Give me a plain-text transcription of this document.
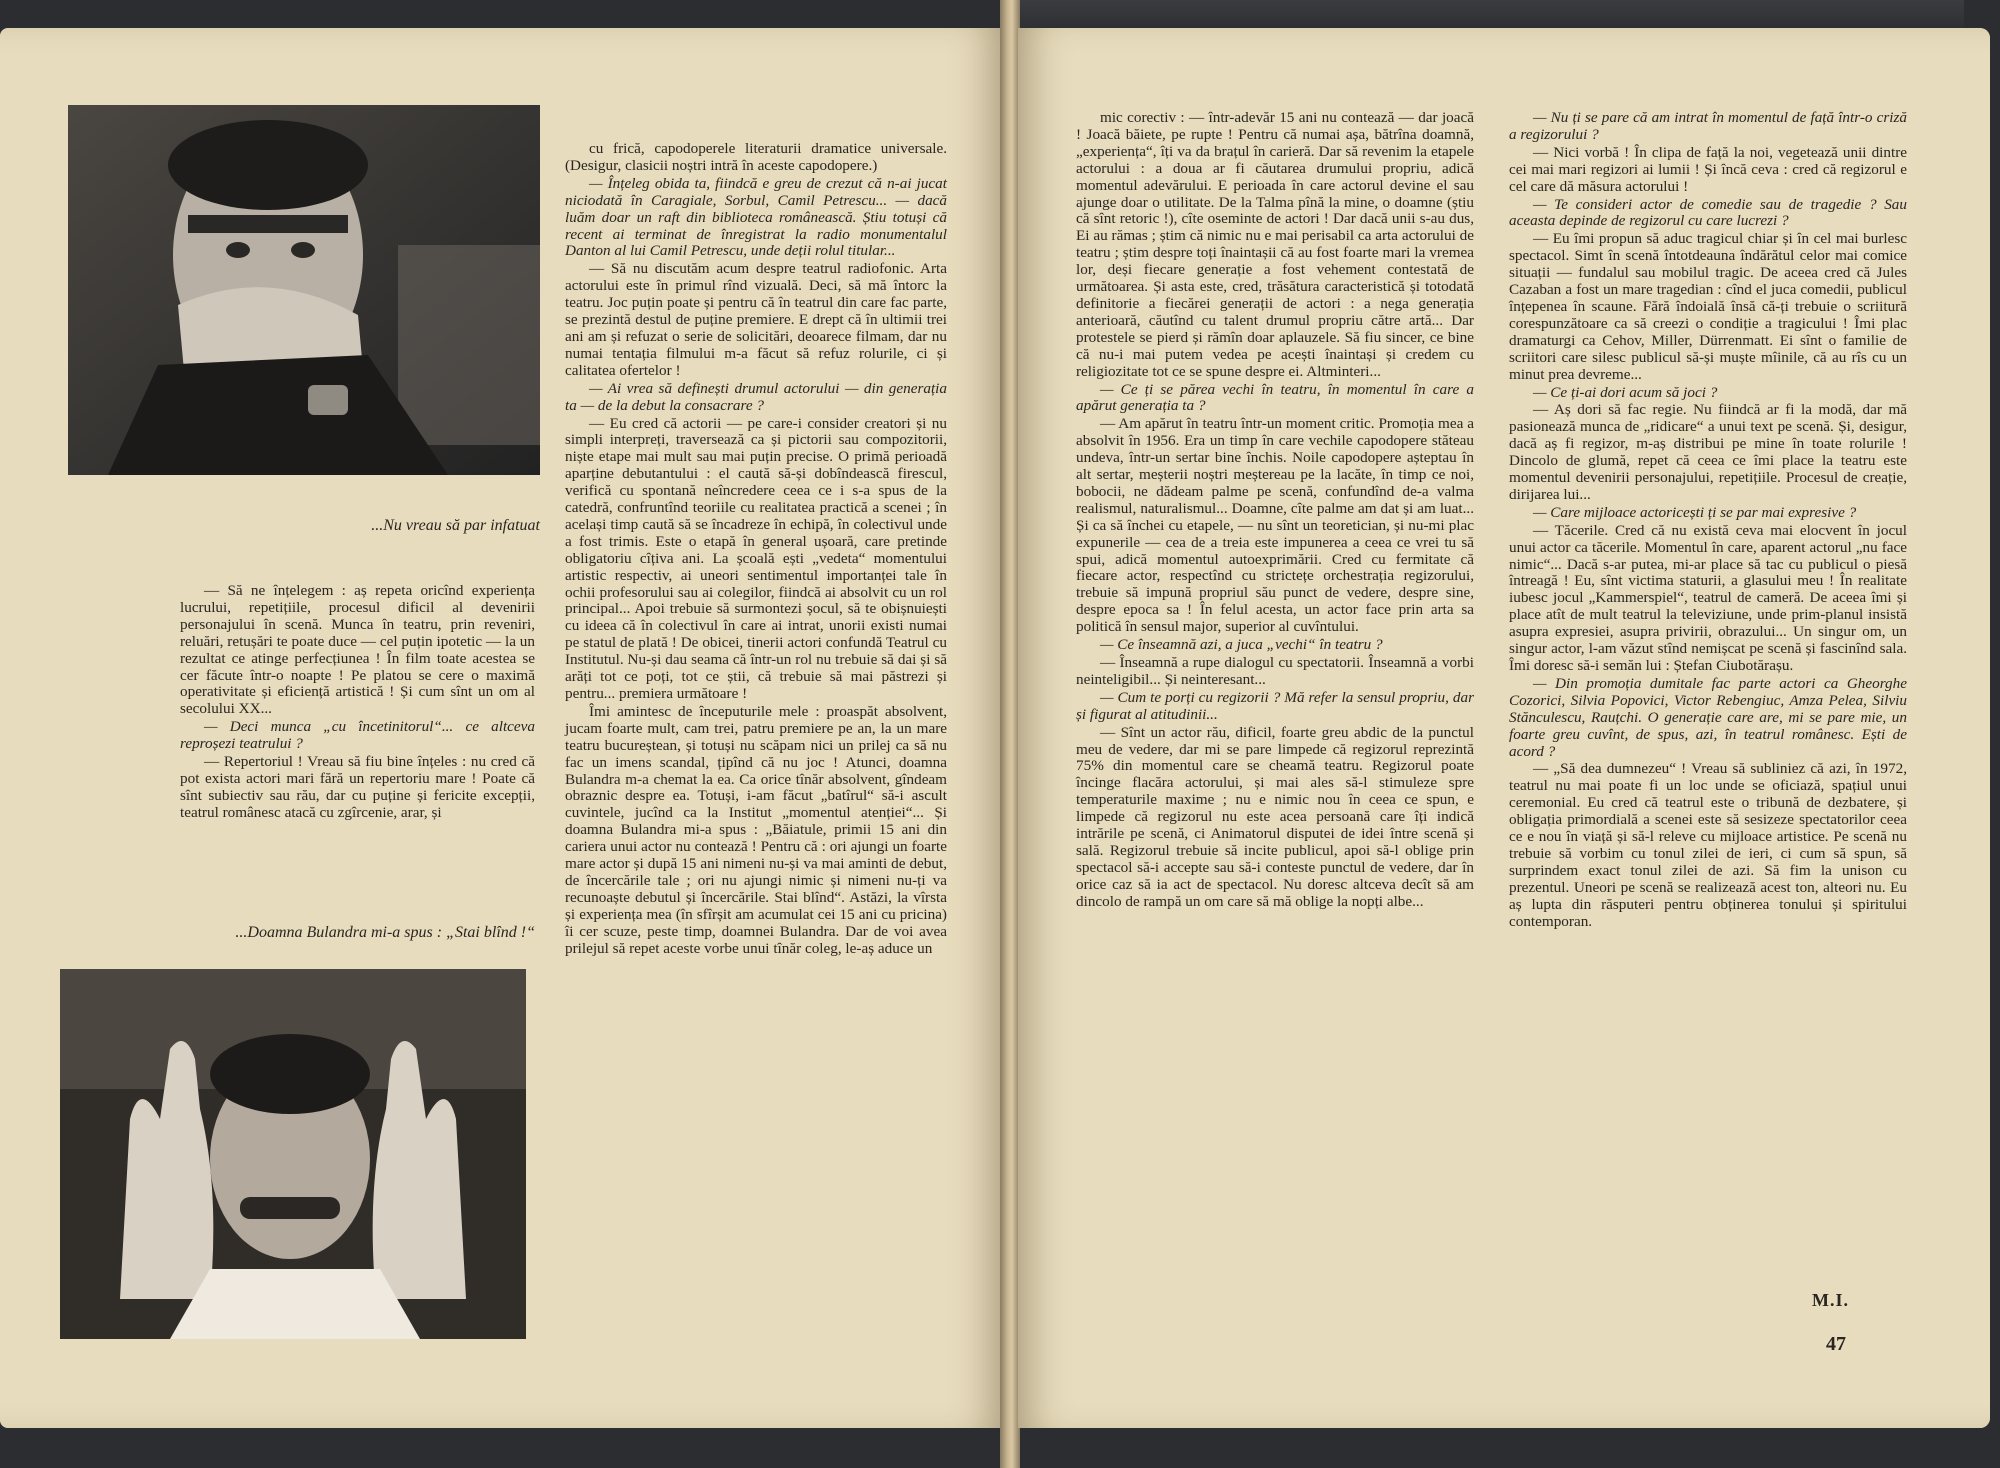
...Nu vreau să par infatuat

— Să ne înțelegem : aș repeta oricînd experiența lucrului, repetițiile, procesul dificil al devenirii personajului în scenă. Munca în teatru, prin reveniri, reluări, retușări te poate duce — cel puțin ipotetic — la un rezultat ce atinge perfecțiunea ! În film toate acestea se cer făcute într-o noapte ! Pe platou se cere o maximă operativitate și eficiență artistică ! Și cum sînt un om al secolului XX...

— Deci munca „cu încetinitorul“... ce altceva reproșezi teatrului ?

— Repertoriul ! Vreau să fiu bine înțeles : nu cred că pot exista actori mari fără un repertoriu mare ! Poate că sînt subiectiv sau rău, dar cu puține și fericite excepții, teatrul românesc atacă cu zgîrcenie, arar, și

...Doamna Bulandra mi-a spus : „Stai blînd !“

cu frică, capodoperele literaturii dramatice universale. (Desigur, clasicii noștri intră în aceste capodopere.)

— Înțeleg obida ta, fiindcă e greu de crezut că n-ai jucat niciodată în Caragiale, Sorbul, Camil Petrescu... — dacă luăm doar un raft din biblioteca românească. Știu totuși că recent ai terminat de înregistrat la radio monumentalul Danton al lui Camil Petrescu, unde deții rolul titular...

— Să nu discutăm acum despre teatrul radiofonic. Arta actorului este în primul rînd vizuală. Deci, să mă întorc la teatru. Joc puțin poate și pentru că în teatrul din care fac parte, se prezintă destul de puține premiere. E drept că în ultimii trei ani am și refuzat o serie de solicitări, deoarece filmam, dar nu numai tentația filmului m-a făcut să refuz rolurile, ci și calitatea ofertelor !

— Ai vrea să definești drumul actorului — din generația ta — de la debut la consacrare ?

— Eu cred că actorii — pe care-i consider creatori și nu simpli interpreți, traversează ca și pictorii sau compozitorii, niște etape mai mult sau mai puțin precise. O primă perioadă aparține debutantului : el caută să-și dobîndească firescul, verifică cu spontană neîncredere ceea ce i s-a spus de la catedră, confruntînd teoriile cu realitatea practică a scenei ; în același timp caută să se încadreze în echipă, în colectivul unde a fost trimis. Este o etapă în general ușoară, care pretinde obligatoriu cîțiva ani. La școală ești „vedeta“ momentului artistic respectiv, ai uneori sentimentul importanței tale în ochii profesorului sau ai colegilor, fiindcă ai absolvit cu un rol principal... Apoi trebuie să surmontezi șocul, să te obișnuiești cu ideea că în colectivul în care ai intrat, unorii existi numai pe statul de plată ! De obicei, tinerii actori confundă Teatrul cu Institutul. Nu-și dau seama că într-un rol nu trebuie să dai și să arăți tot ce poți, tot ce știi, că trebuie să mai păstrezi și pentru... premiera următoare !

Îmi amintesc de începuturile mele : proaspăt absolvent, jucam foarte mult, cam trei, patru premiere pe an, la un mare teatru bucureștean, și totuși nu scăpam nici un prilej ca să nu fac un imens scandal, țipînd că nu joc ! Atunci, doamna Bulandra m-a chemat la ea. Ca orice tînăr absolvent, gîndeam obraznic despre ea. Totuși, i-am făcut „batîrul“ să-i ascult cuvintele, jucînd ca la Institut „momentul atenției“... Și doamna Bulandra mi-a spus : „Băiatule, primii 15 ani din cariera unui actor nu contează ! Pentru că : ori ajungi un foarte mare actor și după 15 ani nimeni nu-și va mai aminti de debut, de încercările tale ; ori nu ajungi nimic și nimeni nu-ți va recunoaște debutul și încercările. Stai blînd“. Astăzi, la vîrsta și experiența mea (în sfîrșit am acumulat cei 15 ani cu pricina) îi cer scuze, peste timp, doamnei Bulandra. Dar de voi avea prilejul să repet aceste vorbe unui tînăr coleg, le-aș aduce un

mic corectiv : — într-adevăr 15 ani nu contează — dar joacă ! Joacă băiete, pe rupte ! Pentru că numai așa, bătrîna doamnă, „experiența“, îți va da brațul în carieră. Dar să revenim la etapele actorului : a doua ar fi căutarea drumului propriu, adică momentul adevărului. E perioada în care actorul devine el sau ajunge doar o utilitate. De la Talma pînă la mine, o doamne (știu că sînt retoric !), cîte oseminte de actori ! Dar dacă unii s-au dus, Ei au rămas ; știm că nimic nu e mai perisabil ca arta actorului de teatru ; știm despre toți înaintașii că au fost foarte mari la vremea lor, deși fiecare generație a fost vehement contestată de următoarea. Și asta este, cred, trăsătura caracteristică și totodată definitorie a fiecărei generații de actori : a nega generația anterioară, căutînd cu talent drumul propriu către artă... Dar protestele se pierd și rămîn doar aplauzele. Să fiu sincer, ce bine că nu-i mai putem vedea pe acești înaintași și credem cu religiozitate tot ce se spune despre ei. Altminteri...

— Ce ți se părea vechi în teatru, în momentul în care a apărut generația ta ?

— Am apărut în teatru într-un moment critic. Promoția mea a absolvit în 1956. Era un timp în care vechile capodopere stăteau undeva, într-un sertar bine închis. Noile capodopere așteptau în alt sertar, meșterii noștri meștereau pe la lacăte, în timp ce noi, bobocii, ne dădeam palme pe scenă, confundînd de-a valma realismul, naturalismul... Doamne, cîte palme am dat și am luat... Și ca să închei cu etapele, — nu sînt un teoretician, și nu-mi plac expunerile — cea de a treia este impunerea a ceea ce vrei tu să spui, adică momentul autoexprimării. Cred cu fermitate că fiecare actor, respectînd cu strictețe orchestrația regizorului, trebuie să impună propriul său punct de vedere, despre sine, despre epoca sa ! În felul acesta, un actor face prin arta sa politică în sensul major, superior al cuvîntului.

— Ce înseamnă azi, a juca „vechi“ în teatru ?

— Înseamnă a rupe dialogul cu spectatorii. Înseamnă a vorbi neinteligibil... Și neinteresant...

— Cum te porți cu regizorii ? Mă refer la sensul propriu, dar și figurat al atitudinii...

— Sînt un actor rău, dificil, foarte greu abdic de la punctul meu de vedere, dar mi se pare limpede că regizorul reprezintă 75% din momentul care se cheamă teatru. Regizorul poate încinge flacăra actorului, și mai ales să-l stimuleze spre temperaturile maxime ; nu e nimic nou în ceea ce spun, e limpede că regizorul nu este acea persoană care îți indică intrările pe scenă, ci Animatorul disputei de idei între scenă și sală. Regizorul trebuie să incite publicul, apoi să-l oblige prin spectacol să-i accepte sau să-i conteste punctul de vedere, dar în orice caz să ia act de spectacol. Nu doresc altceva decît să am dincolo de rampă un om care să mă oblige la nopți albe...

— Nu ți se pare că am intrat în momentul de față într-o criză a regizorului ?

— Nici vorbă ! În clipa de față la noi, vegetează unii dintre cei mai mari regizori ai lumii ! Și încă ceva : cred că regizorul e cel care dă măsura actorului !

— Te consideri actor de comedie sau de tragedie ? Sau aceasta depinde de regizorul cu care lucrezi ?

— Eu îmi propun să aduc tragicul chiar și în cel mai burlesc spectacol. Simt în scenă întotdeauna îndărătul celor mai comice situații — fundalul sau mobilul tragic. De aceea cred că Jules Cazaban a fost un mare tragedian : cînd el juca comedii, publicul înțepenea în scaune. Fără îndoială însă că-ți trebuie o scriitură corespunzătoare ca să creezi o condiție a tragicului ! Îmi plac dramaturgi ca Cehov, Miller, Dürrenmatt. Ei sînt o familie de scriitori care silesc publicul să-și muște mîinile, că au rîs cu un minut prea devreme...

— Ce ți-ai dori acum să joci ?

— Aș dori să fac regie. Nu fiindcă ar fi la modă, dar mă pasionează munca de „ridicare“ a unui text pe scenă. Și, desigur, dacă aș fi regizor, m-aș distribui pe mine în toate rolurile ! Dincolo de glumă, repet că ceea ce îmi place la teatru este momentul devenirii personajului, repetițiile. Procesul de creație, dirijarea lui...

— Care mijloace actoricești ți se par mai expresive ?

— Tăcerile. Cred că nu există ceva mai elocvent în jocul unui actor ca tăcerile. Momentul în care, aparent actorul „nu face nimic“... Dacă s-ar putea, mi-ar place să tac cu publicul o piesă întreagă ! Eu, sînt victima staturii, a glasului meu ! În realitate iubesc jocul „Kammerspiel“, teatrul de cameră. De aceea îmi și place atît de mult teatrul la televiziune, unde prim-planul insistă asupra expresiei, asupra privirii, obrazului... Un singur om, un singur actor, l-am văzut stînd nemișcat pe scenă și fascinînd sala. Îmi doresc să-i semăn lui : Ștefan Ciubotărașu.

— Din promoția dumitale fac parte actori ca Gheorghe Cozorici, Silvia Popovici, Victor Rebengiuc, Amza Pelea, Silviu Stănculescu, Rauțchi. O generație care are, mi se pare mie, un foarte greu cuvînt, de spus, azi, în teatrul românesc. Ești de acord ?

— „Să dea dumnezeu“ ! Vreau să subliniez că azi, în 1972, teatrul nu mai poate fi un loc unde se oficiază, spațiul unui ceremonial. Eu cred că teatrul este o tribună de dezbatere, și obligația primordială a scenei este să sesizeze spectatorilor ceea ce e nou în viață și să-l releve cu mijloace artistice. Pe scenă nu trebuie să vorbim cu tonul zilei de ieri, ci cum să spun, să surprindem exact tonul zilei de azi. Să fim la unison cu prezentul. Uneori pe scenă se realizează acest ton, alteori nu. Eu aș lupta din răsputeri pentru obținerea tonului și spiritului contemporan.

M.I.
47
